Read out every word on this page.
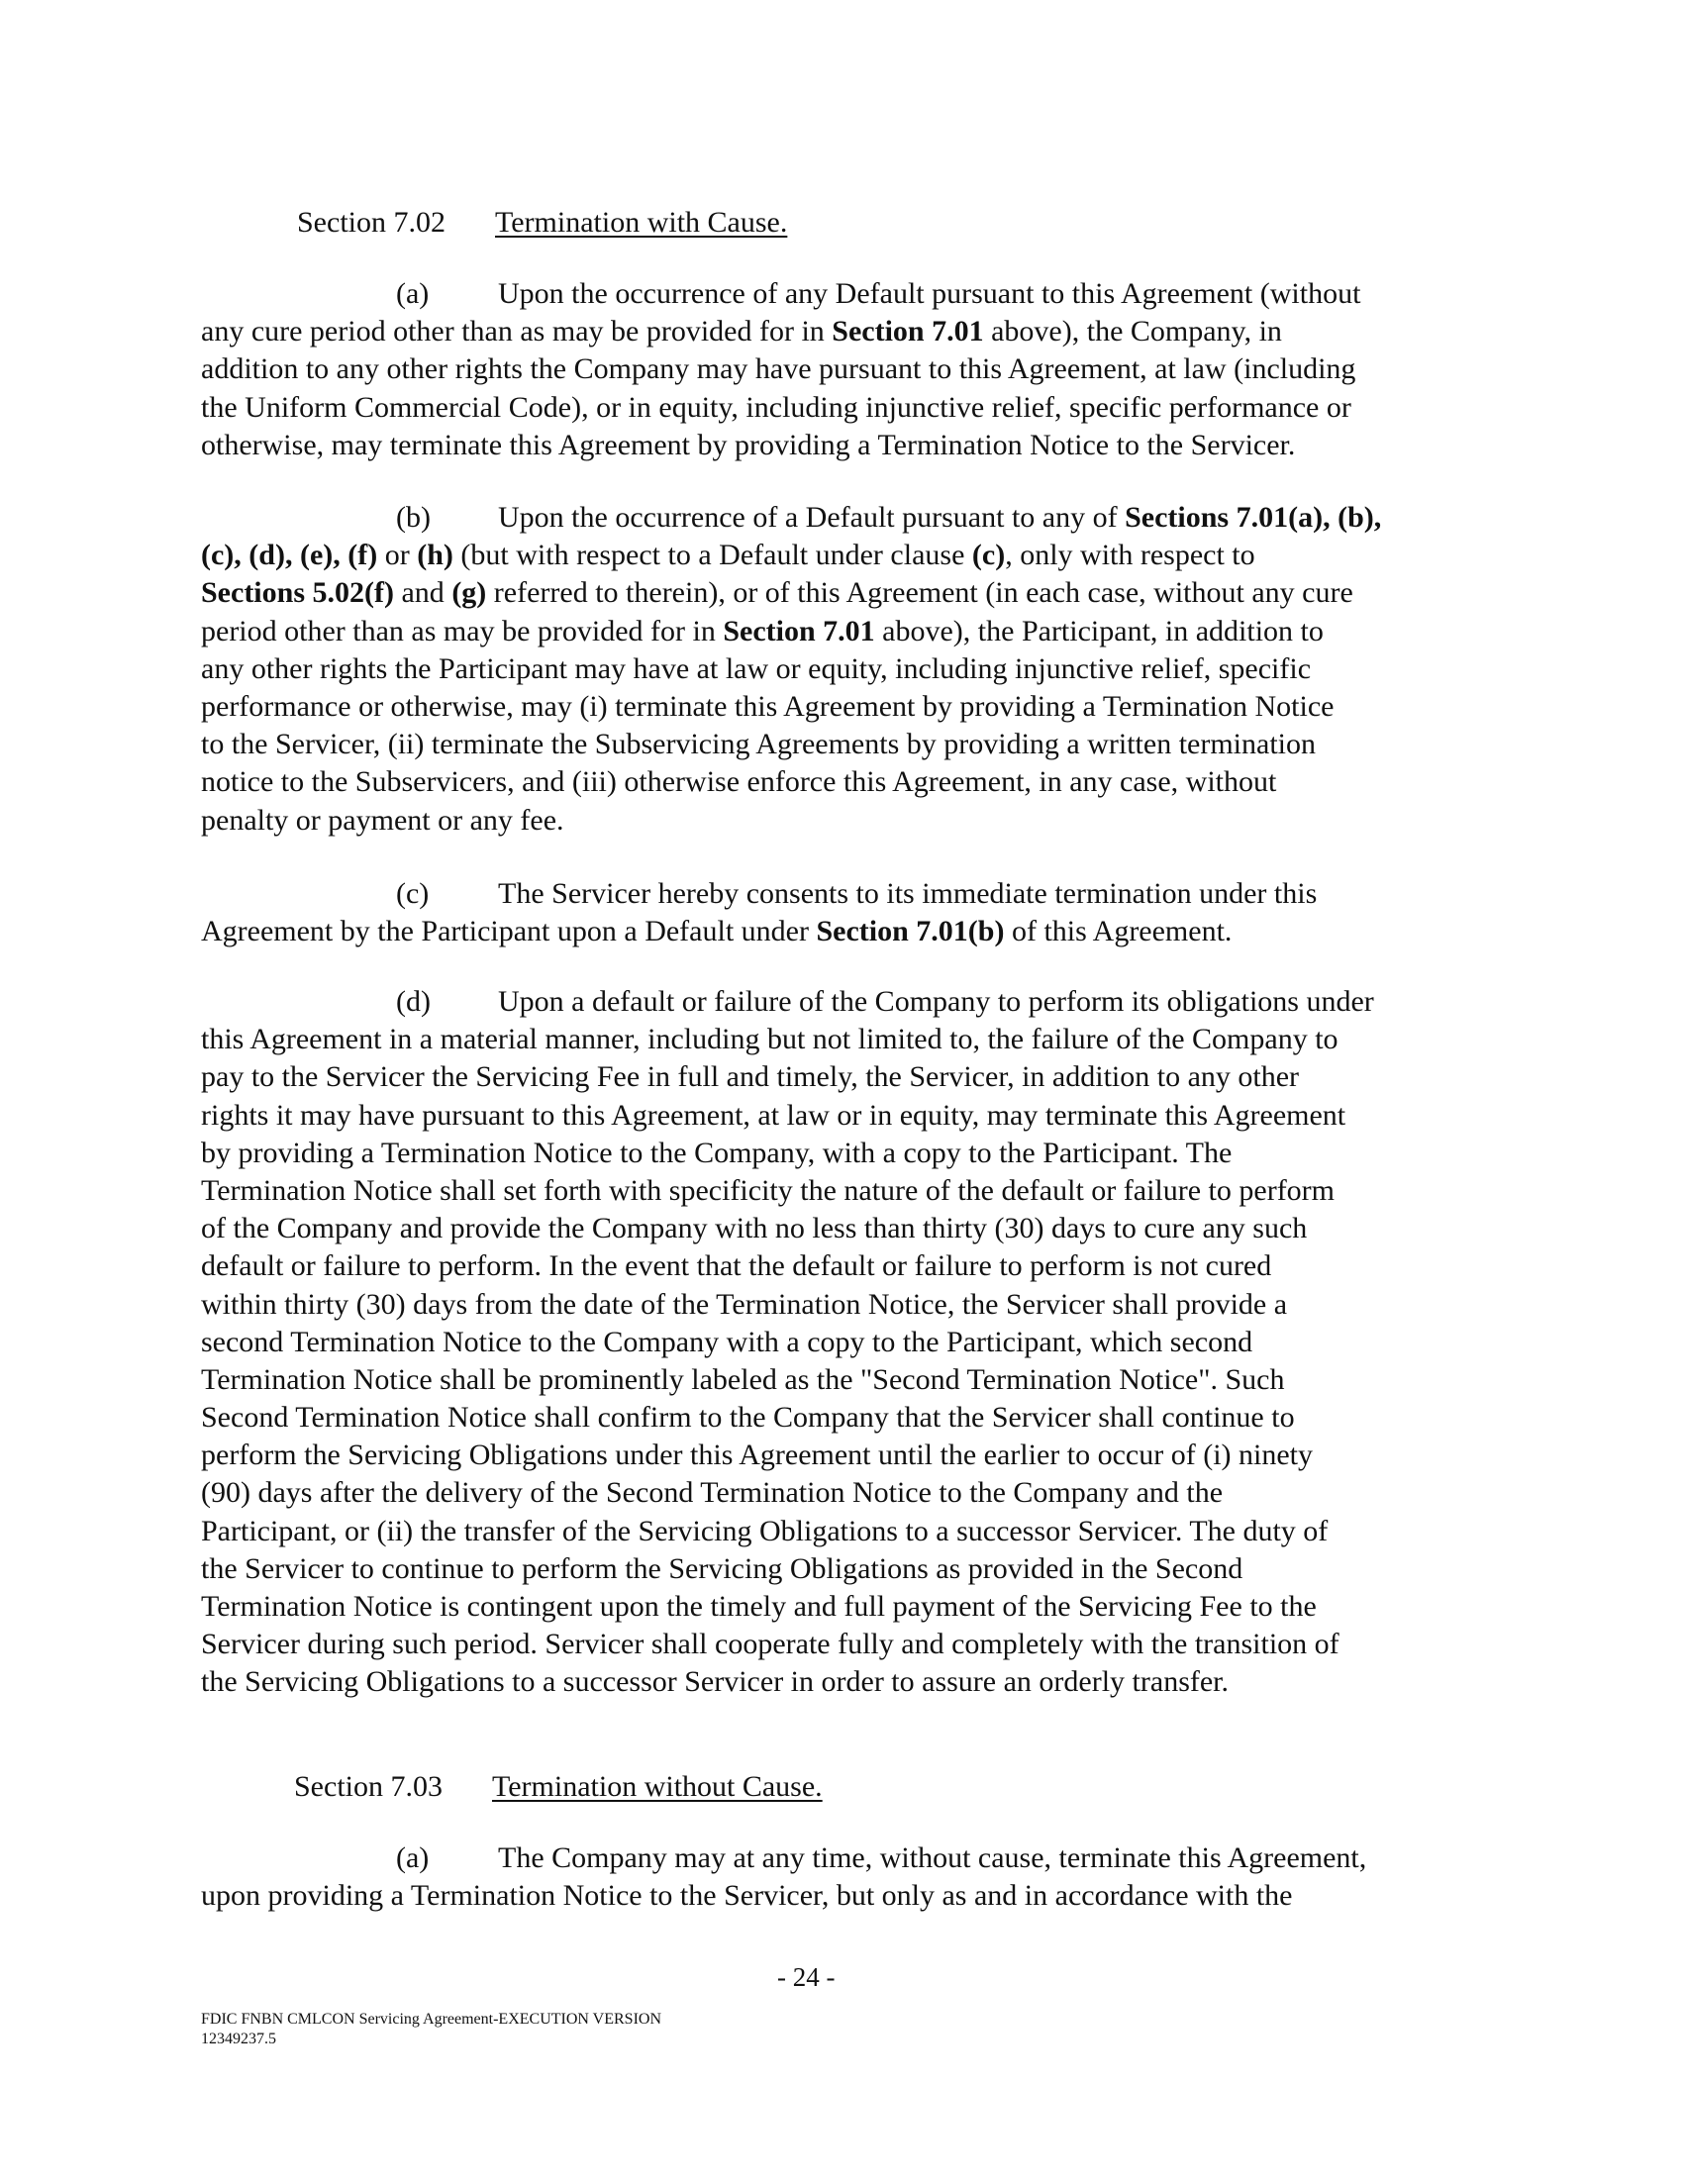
Section 7.02 Termination with Cause.
(a) Upon the occurrence of any Default pursuant to this Agreement (without
any cure period other than as may be provided for in Section 7.01 above), the Company, in
addition to any other rights the Company may have pursuant to this Agreement, at law (including
the Uniform Commercial Code), or in equity, including injunctive relief, specific performance or
otherwise, may terminate this Agreement by providing a Termination Notice to the Servicer.
(b) Upon the occurrence of a Default pursuant to any of Sections 7.01(a), (b),
(c), (d), (e), (f) or (h) (but with respect to a Default under clause (c), only with respect to
Sections 5.02(f) and (g) referred to therein), or of this Agreement (in each case, without any cure
period other than as may be provided for in Section 7.01 above), the Participant, in addition to
any other rights the Participant may have at law or equity, including injunctive relief, specific
performance or otherwise, may (i) terminate this Agreement by providing a Termination Notice
to the Servicer, (ii) terminate the Subservicing Agreements by providing a written termination
notice to the Subservicers, and (iii) otherwise enforce this Agreement, in any case, without
penalty or payment or any fee.
(c) The Servicer hereby consents to its immediate termination under this
Agreement by the Participant upon a Default under Section 7.01(b) of this Agreement.
(d) Upon a default or failure of the Company to perform its obligations under
this Agreement in a material manner, including but not limited to, the failure of the Company to
pay to the Servicer the Servicing Fee in full and timely, the Servicer, in addition to any other
rights it may have pursuant to this Agreement, at law or in equity, may terminate this Agreement
by providing a Termination Notice to the Company, with a copy to the Participant. The
Termination Notice shall set forth with specificity the nature of the default or failure to perform
of the Company and provide the Company with no less than thirty (30) days to cure any such
default or failure to perform. In the event that the default or failure to perform is not cured
within thirty (30) days from the date of the Termination Notice, the Servicer shall provide a
second Termination Notice to the Company with a copy to the Participant, which second
Termination Notice shall be prominently labeled as the "Second Termination Notice". Such
Second Termination Notice shall confirm to the Company that the Servicer shall continue to
perform the Servicing Obligations under this Agreement until the earlier to occur of (i) ninety
(90) days after the delivery of the Second Termination Notice to the Company and the
Participant, or (ii) the transfer of the Servicing Obligations to a successor Servicer. The duty of
the Servicer to continue to perform the Servicing Obligations as provided in the Second
Termination Notice is contingent upon the timely and full payment of the Servicing Fee to the
Servicer during such period. Servicer shall cooperate fully and completely with the transition of
the Servicing Obligations to a successor Servicer in order to assure an orderly transfer.
Section 7.03 Termination without Cause.
(a) The Company may at any time, without cause, terminate this Agreement,
upon providing a Termination Notice to the Servicer, but only as and in accordance with the
- 24 -
FDIC FNBN CMLCON Servicing Agreement-EXECUTION VERSION
12349237.5
